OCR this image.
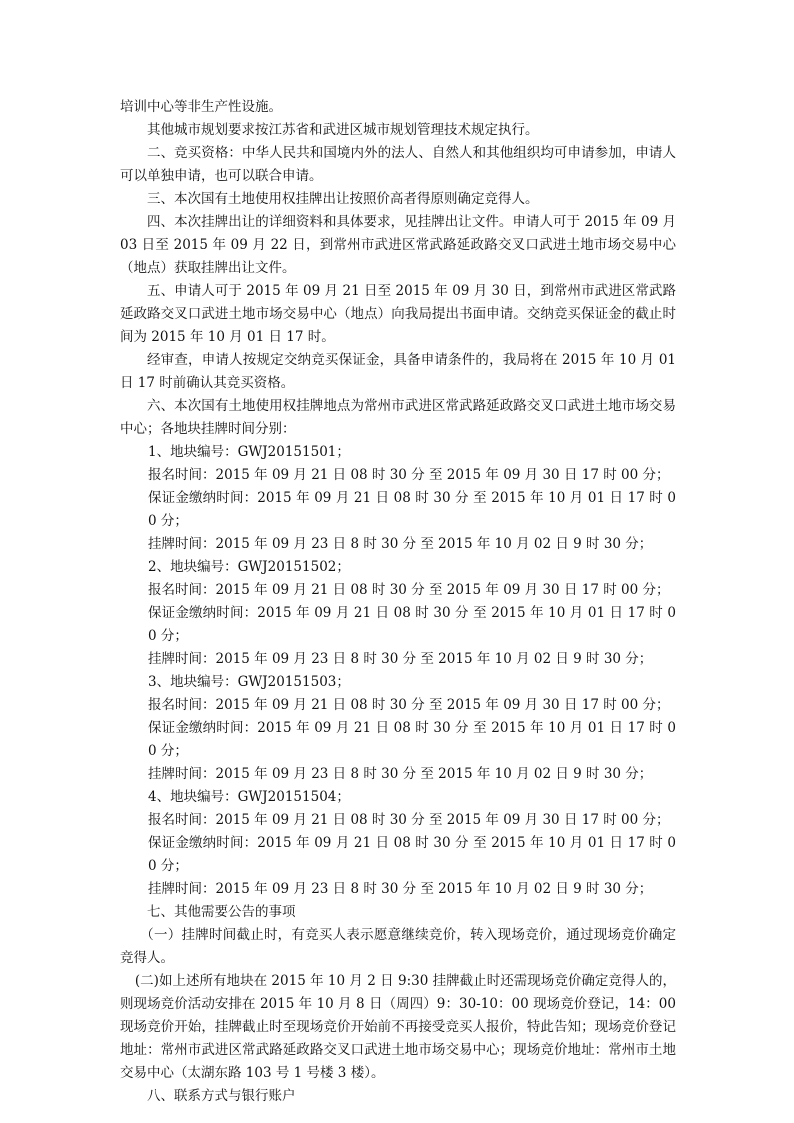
培训中心等非生产性设施。

其他城市规划要求按江苏省和武进区城市规划管理技术规定执行。

二、竞买资格：中华人民共和国境内外的法人、自然人和其他组织均可申请参加，申请人可以单独申请，也可以联合申请。

三、本次国有土地使用权挂牌出让按照价高者得原则确定竞得人。

四、本次挂牌出让的详细资料和具体要求，见挂牌出让文件。申请人可于 2015 年 09 月 03 日至 2015 年 09 月 22 日，到常州市武进区常武路延政路交叉口武进土地市场交易中心（地点）获取挂牌出让文件。

五、申请人可于 2015 年 09 月 21 日至 2015 年 09 月 30 日，到常州市武进区常武路延政路交叉口武进土地市场交易中心（地点）向我局提出书面申请。交纳竞买保证金的截止时间为 2015 年 10 月 01 日 17 时。

经审查，申请人按规定交纳竞买保证金，具备申请条件的，我局将在 2015 年 10 月 01 日 17 时前确认其竞买资格。

六、本次国有土地使用权挂牌地点为常州市武进区常武路延政路交叉口武进土地市场交易中心；各地块挂牌时间分别：

1、地块编号：GWJ20151501；

报名时间：2015 年 09 月 21 日 08 时 30 分 至 2015 年 09 月 30 日 17 时 00 分；

保证金缴纳时间：2015 年 09 月 21 日 08 时 30 分 至 2015 年 10 月 01 日 17 时 00 分；

挂牌时间：2015 年 09 月 23 日 8 时 30 分 至 2015 年 10 月 02 日 9 时 30 分；

2、地块编号：GWJ20151502；

报名时间：2015 年 09 月 21 日 08 时 30 分 至 2015 年 09 月 30 日 17 时 00 分；

保证金缴纳时间：2015 年 09 月 21 日 08 时 30 分 至 2015 年 10 月 01 日 17 时 00 分；

挂牌时间：2015 年 09 月 23 日 8 时 30 分 至 2015 年 10 月 02 日 9 时 30 分；

3、地块编号：GWJ20151503；

报名时间：2015 年 09 月 21 日 08 时 30 分 至 2015 年 09 月 30 日 17 时 00 分；

保证金缴纳时间：2015 年 09 月 21 日 08 时 30 分 至 2015 年 10 月 01 日 17 时 00 分；

挂牌时间：2015 年 09 月 23 日 8 时 30 分 至 2015 年 10 月 02 日 9 时 30 分；

4、地块编号：GWJ20151504；

报名时间：2015 年 09 月 21 日 08 时 30 分 至 2015 年 09 月 30 日 17 时 00 分；

保证金缴纳时间：2015 年 09 月 21 日 08 时 30 分 至 2015 年 10 月 01 日 17 时 00 分；

挂牌时间：2015 年 09 月 23 日 8 时 30 分 至 2015 年 10 月 02 日 9 时 30 分；

七、其他需要公告的事项

（一）挂牌时间截止时，有竞买人表示愿意继续竞价，转入现场竞价，通过现场竞价确定竞得人。

(二)如上述所有地块在 2015 年 10 月 2 日 9:30 挂牌截止时还需现场竞价确定竞得人的，则现场竞价活动安排在 2015 年 10 月 8 日（周四）9：30-10：00 现场竞价登记，14：00 现场竞价开始，挂牌截止时至现场竞价开始前不再接受竞买人报价，特此告知；现场竞价登记地址：常州市武进区常武路延政路交叉口武进土地市场交易中心；现场竞价地址：常州市土地交易中心（太湖东路 103 号 1 号楼 3 楼）。

八、联系方式与银行账户
